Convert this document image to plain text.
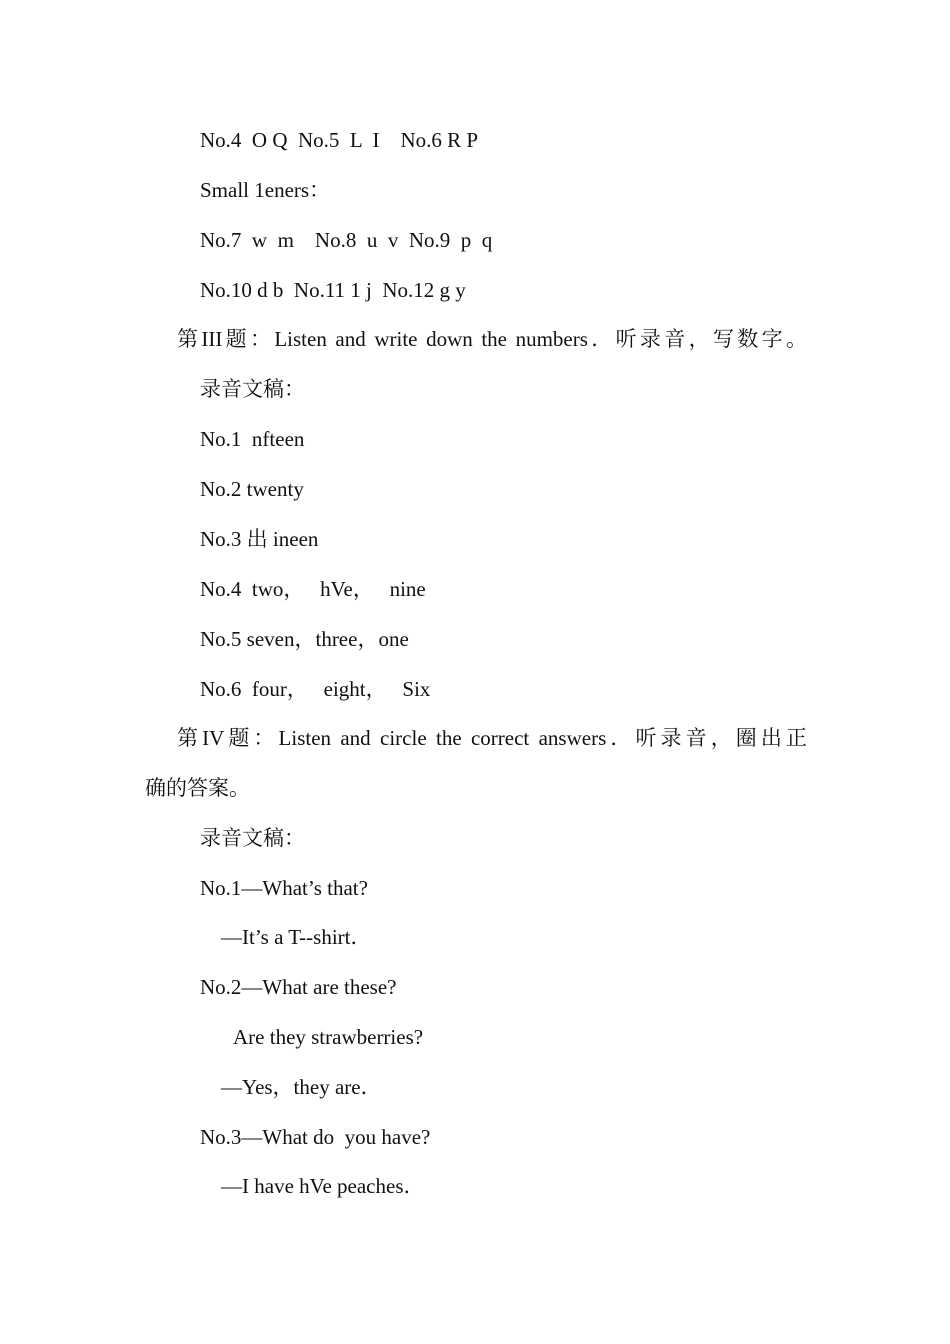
No.4  O Q  No.5  L  I    No.6 R P
Small 1eners：
No.7  w  m    No.8  u  v  No.9  p  q
No.10 d b  No.11 1 j  No.12 g y
第III题：Listen and write down the numbers．听录音，写数字。
录音文稿：
No.1  nfteen
No.2 twenty
No.3 出 ineen
No.4  two，   hVe，   nine
No.5 seven，three，one
No.6  four，   eight，   Six
第IV题：Listen and circle the correct answers．听录音，圈出正
确的答案。
录音文稿：
No.1—What’s that?
—It’s a T--shirt．
No.2—What are these?
Are they strawberries?
—Yes，they are．
No.3—What do  you have?
—I have hVe peaches．
